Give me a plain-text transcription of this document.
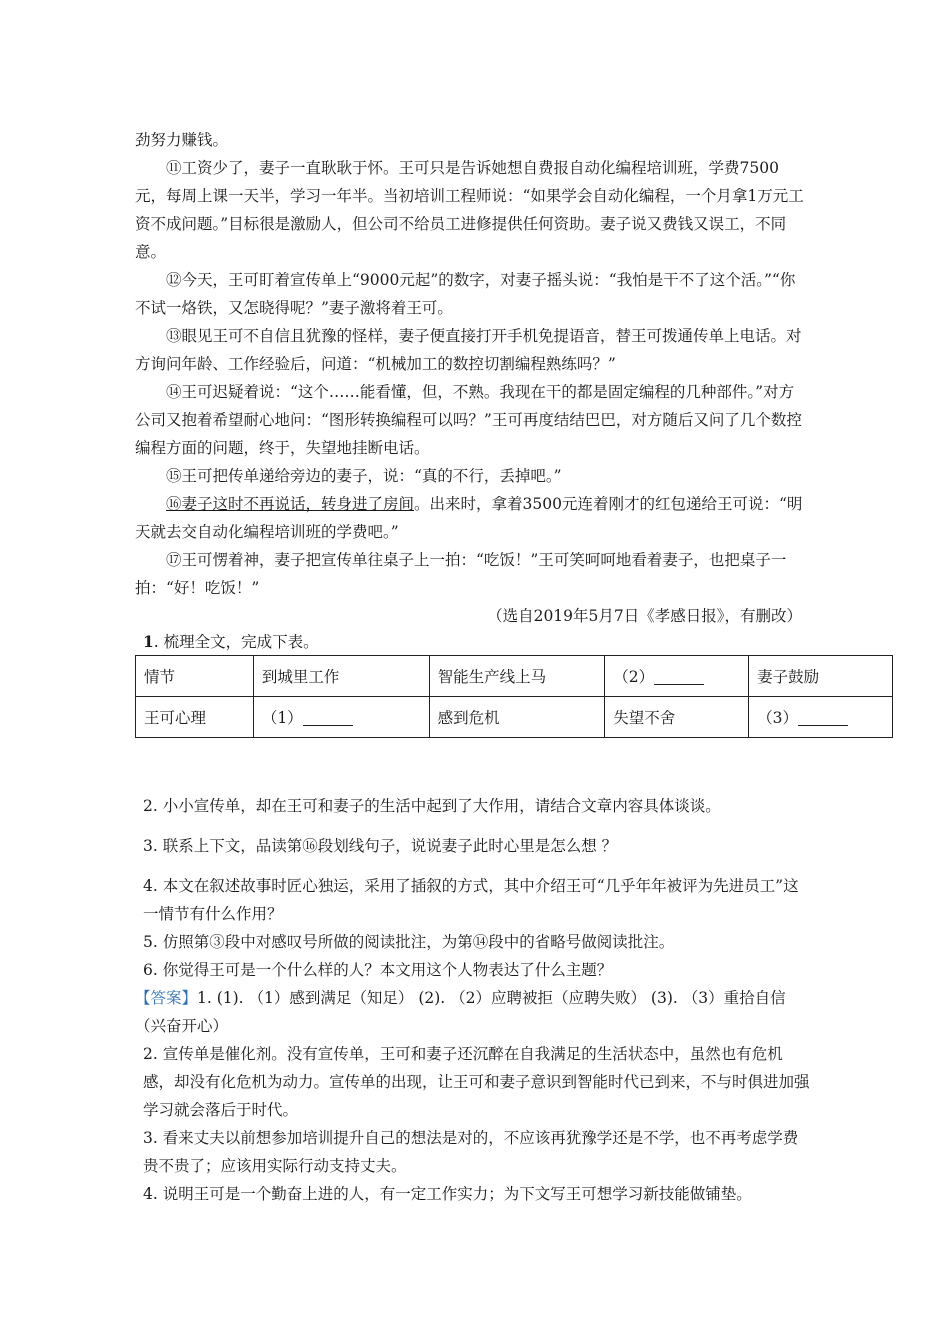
劲努力赚钱。

⑪工资少了，妻子一直耿耿于怀。王可只是告诉她想自费报自动化编程培训班，学费7500元，每周上课一天半，学习一年半。当初培训工程师说：“如果学会自动化编程，一个月拿1万元工资不成问题。”目标很是激励人，但公司不给员工进修提供任何资助。妻子说又费钱又误工，不同意。

⑫今天，王可盯着宣传单上“9000元起”的数字，对妻子摇头说：“我怕是干不了这个活。”“你不试一烙铁，又怎晓得呢？”妻子激将着王可。

⑬眼见王可不自信且犹豫的怪样，妻子便直接打开手机免提语音，替王可拨通传单上电话。对方询问年龄、工作经验后，问道：“机械加工的数控切割编程熟练吗？”

⑭王可迟疑着说：“这个……能看懂，但，不熟。我现在干的都是固定编程的几种部件。”对方公司又抱着希望耐心地问：“图形转换编程可以吗？”王可再度结结巴巴，对方随后又问了几个数控编程方面的问题，终于，失望地挂断电话。

⑮王可把传单递给旁边的妻子，说：“真的不行，丢掉吧。”

⑯妻子这时不再说话，转身进了房间。出来时，拿着3500元连着刚才的红包递给王可说：“明天就去交自动化编程培训班的学费吧。”

⑰王可愣着神，妻子把宣传单往桌子上一拍：“吃饭！”王可笑呵呵地看着妻子，也把桌子一拍：“好！吃饭！”

（选自2019年5月7日《孝感日报》，有删改）
1. 梳理全文，完成下表。
情节	到城里工作	智能生产线上马	（2）	妻子鼓励
王可心理	（1）	感到危机	失望不舍	（3）

2. 小小宣传单，却在王可和妻子的生活中起到了大作用，请结合文章内容具体谈谈。

3. 联系上下文，品读第⑯段划线句子，说说妻子此时心里是怎么想 ？

4. 本文在叙述故事时匠心独运，采用了插叙的方式，其中介绍王可“几乎年年被评为先进员工”这一情节有什么作用？

5. 仿照第③段中对感叹号所做的阅读批注，为第⑭段中的省略号做阅读批注。

6. 你觉得王可是一个什么样的人？本文用这个人物表达了什么主题？

【答案】1. (1). （1）感到满足（知足） (2). （2）应聘被拒（应聘失败） (3). （3）重拾自信（兴奋开心）

2. 宣传单是催化剂。没有宣传单，王可和妻子还沉醉在自我满足的生活状态中，虽然也有危机感，却没有化危机为动力。宣传单的出现，让王可和妻子意识到智能时代已到来，不与时俱进加强学习就会落后于时代。

3. 看来丈夫以前想参加培训提升自己的想法是对的，不应该再犹豫学还是不学，也不再考虑学费贵不贵了；应该用实际行动支持丈夫。

4. 说明王可是一个勤奋上进的人，有一定工作实力；为下文写王可想学习新技能做铺垫。
